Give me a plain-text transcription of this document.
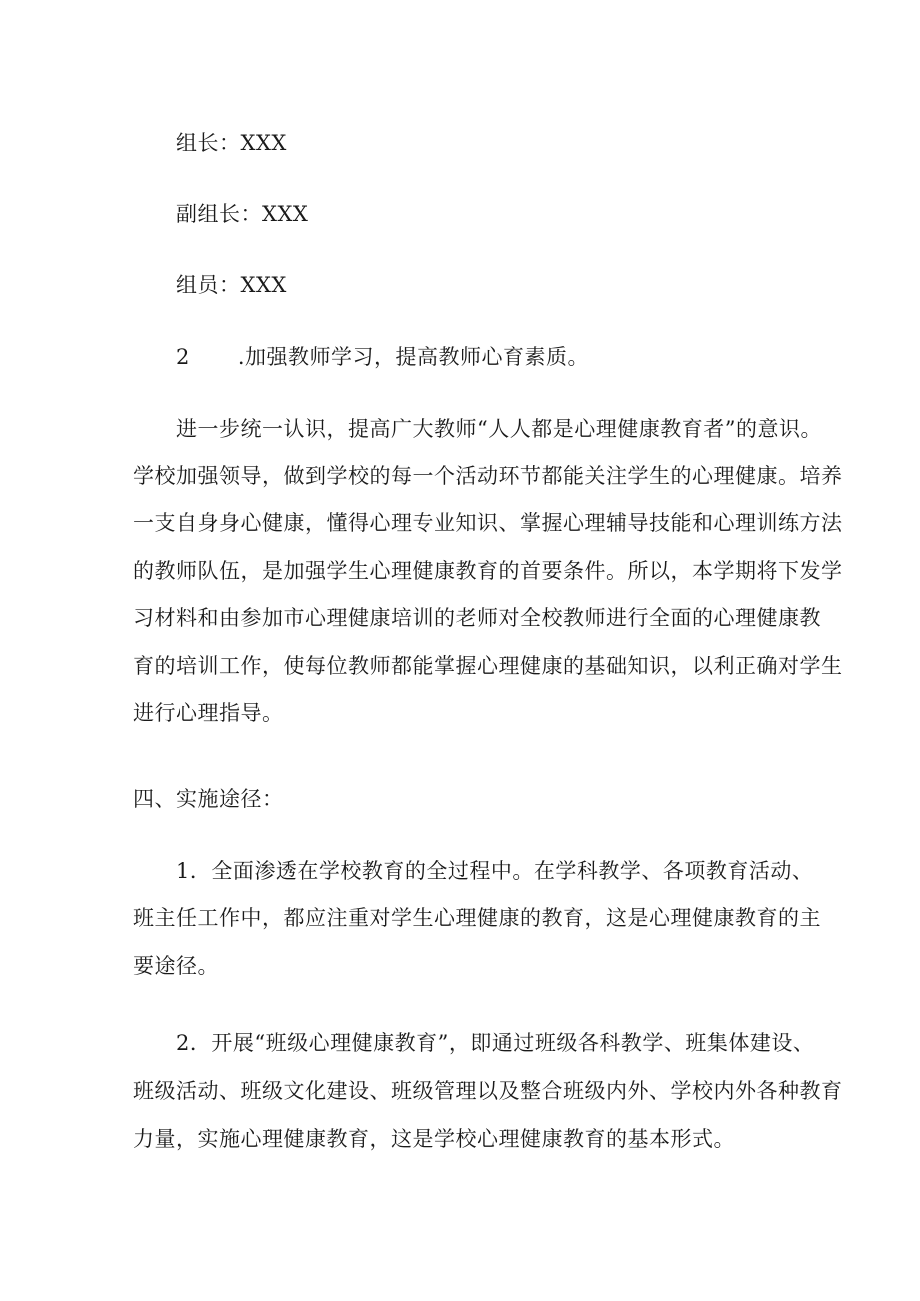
组长：XXX
副组长：XXX
组员：XXX
2 .加强教师学习，提高教师心育素质。
进一步统一认识，提高广大教师“人人都是心理健康教育者”的意识。
学校加强领导，做到学校的每一个活动环节都能关注学生的心理健康。培养
一支自身身心健康，懂得心理专业知识、掌握心理辅导技能和心理训练方法
的教师队伍，是加强学生心理健康教育的首要条件。所以，本学期将下发学
习材料和由参加市心理健康培训的老师对全校教师进行全面的心理健康教
育的培训工作，使每位教师都能掌握心理健康的基础知识，以利正确对学生
进行心理指导。
四、实施途径：
1．全面渗透在学校教育的全过程中。在学科教学、各项教育活动、
班主任工作中，都应注重对学生心理健康的教育，这是心理健康教育的主
要途径。
2．开展“班级心理健康教育”，即通过班级各科教学、班集体建设、
班级活动、班级文化建设、班级管理以及整合班级内外、学校内外各种教育
力量，实施心理健康教育，这是学校心理健康教育的基本形式。
